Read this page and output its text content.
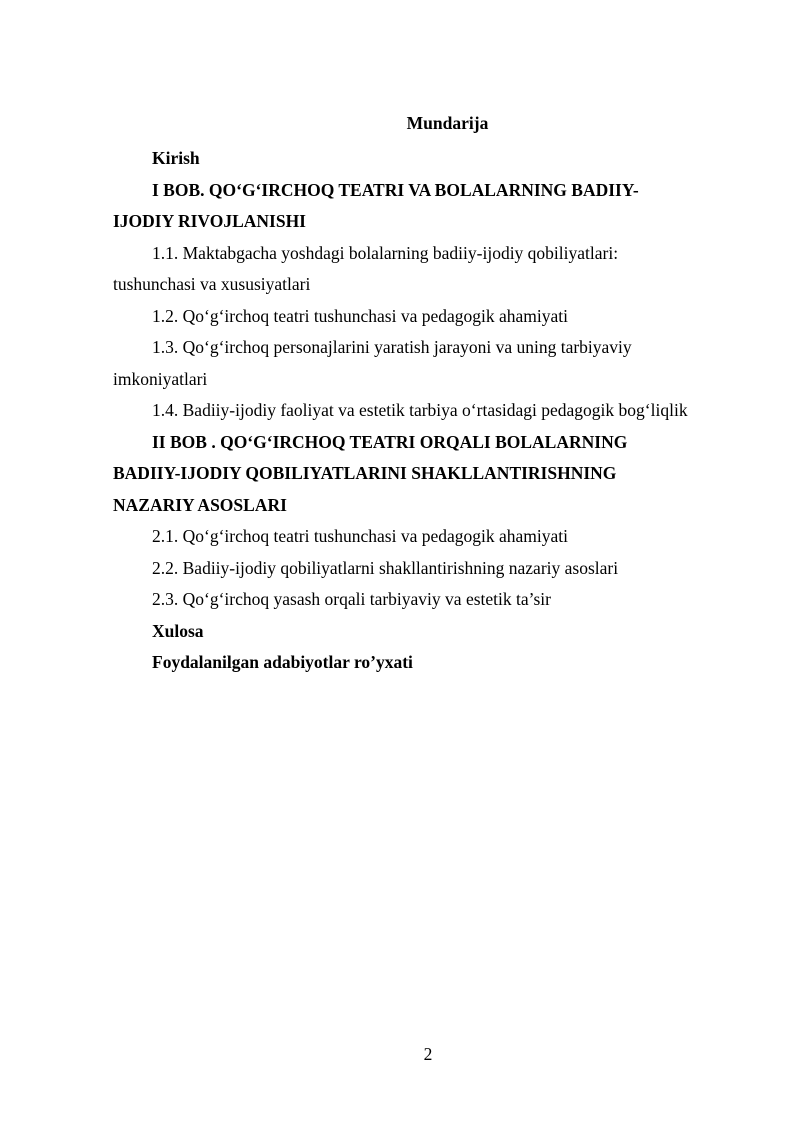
Mundarija

Kirish

I BOB. QO‘G‘IRCHOQ TEATRI VA BOLALARNING BADIIY-
IJODIY RIVOJLANISHI

1.1. Maktabgacha yoshdagi bolalarning badiiy-ijodiy qobiliyatlari:
tushunchasi va xususiyatlari

1.2. Qo‘g‘irchoq teatri tushunchasi va pedagogik ahamiyati

1.3. Qo‘g‘irchoq personajlarini yaratish jarayoni va uning tarbiyaviy
imkoniyatlari

1.4. Badiiy-ijodiy faoliyat va estetik tarbiya o‘rtasidagi pedagogik bog‘liqlik

II BOB . QO‘G‘IRCHOQ TEATRI ORQALI BOLALARNING
BADIIY-IJODIY QOBILIYATLARINI SHAKLLANTIRISHNING
NAZARIY ASOSLARI

2.1. Qo‘g‘irchoq teatri tushunchasi va pedagogik ahamiyati

2.2. Badiiy-ijodiy qobiliyatlarni shakllantirishning nazariy asoslari

2.3. Qo‘g‘irchoq yasash orqali tarbiyaviy va estetik ta’sir

Xulosa

Foydalanilgan adabiyotlar ro’yxati

2
